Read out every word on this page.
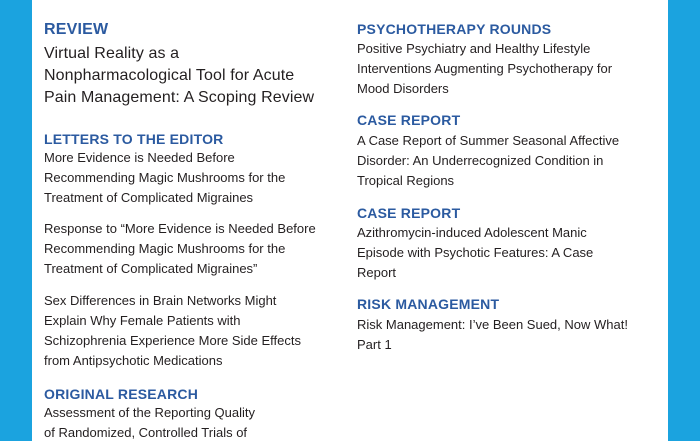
REVIEW
Virtual Reality as a
Nonpharmacological Tool for Acute
Pain Management: A Scoping Review
LETTERS TO THE EDITOR
More Evidence is Needed Before
Recommending Magic Mushrooms for the
Treatment of Complicated Migraines
Response to “More Evidence is Needed Before
Recommending Magic Mushrooms for the
Treatment of Complicated Migraines”
Sex Differences in Brain Networks Might
Explain Why Female Patients with
Schizophrenia Experience More Side Effects
from Antipsychotic Medications
ORIGINAL RESEARCH
Assessment of the Reporting Quality
of Randomized, Controlled Trials of
PSYCHOTHERAPY ROUNDS
Positive Psychiatry and Healthy Lifestyle
Interventions Augmenting Psychotherapy for
Mood Disorders
CASE REPORT
A Case Report of Summer Seasonal Affective
Disorder: An Underrecognized Condition in
Tropical Regions
CASE REPORT
Azithromycin-induced Adolescent Manic
Episode with Psychotic Features: A Case
Report
RISK MANAGEMENT
Risk Management: I’ve Been Sued, Now What!
Part 1
